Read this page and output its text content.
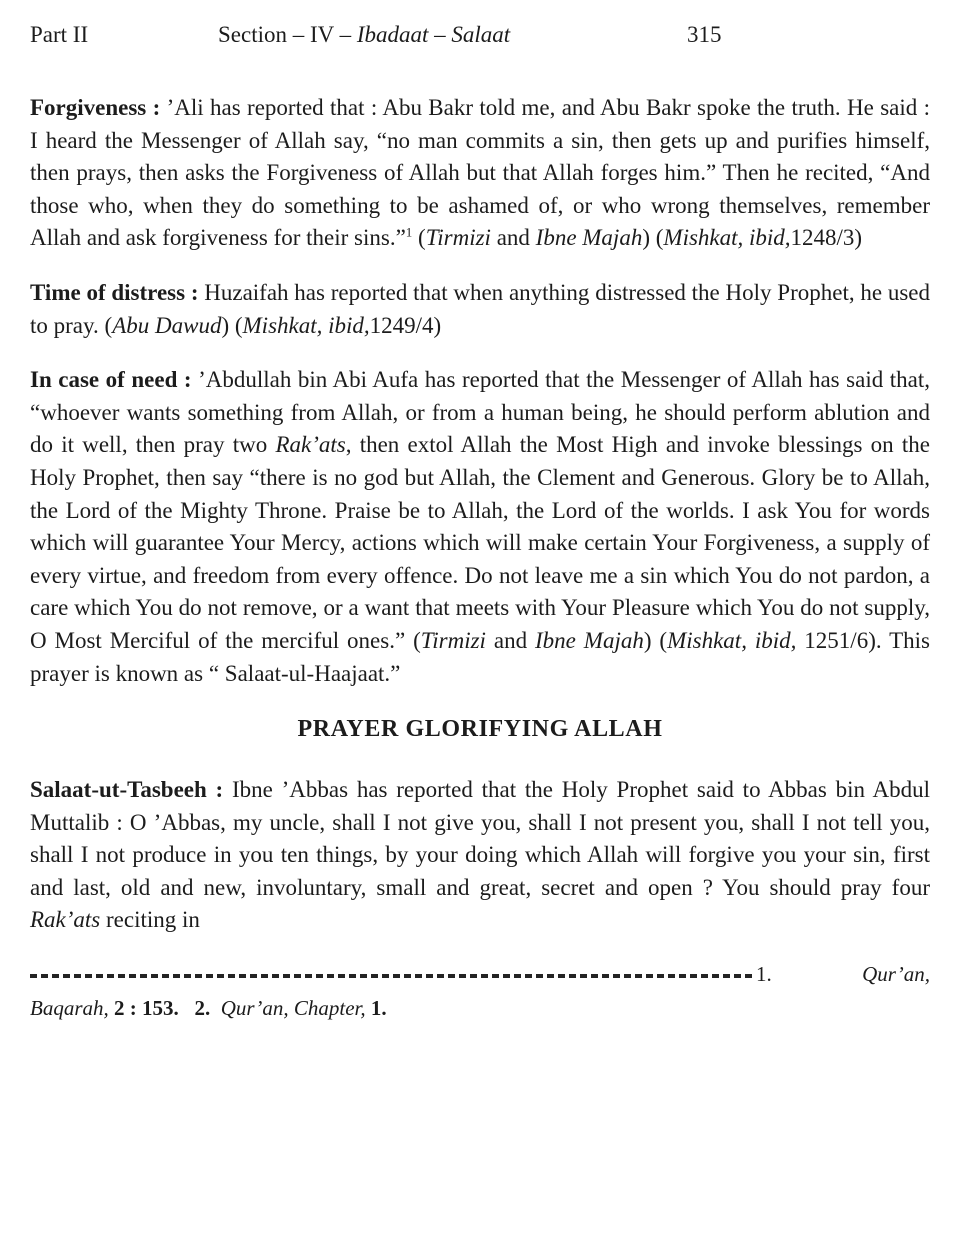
Part II	Section – IV – Ibadaat – Salaat	315

Forgiveness : ’Ali has reported that : Abu Bakr told me, and Abu Bakr spoke the truth. He said : I heard the Messenger of Allah say, “no man commits a sin, then gets up and purifies himself, then prays, then asks the Forgiveness of Allah but that Allah forges him.” Then he recited, “And those who, when they do something to be ashamed of, or who wrong themselves, remember Allah and ask forgiveness for their sins.”$^1$ (Tirmizi and Ibne Majah) (Mishkat, ibid,1248/3)

Time of distress : Huzaifah has reported that when anything distressed the Holy Prophet, he used to pray. (Abu Dawud) (Mishkat, ibid,1249/4)

In case of need : ’Abdullah bin Abi Aufa has reported that the Messenger of Allah has said that, “whoever wants something from Allah, or from a human being, he should perform ablution and do it well, then pray two Rak’ats, then extol Allah the Most High and invoke blessings on the Holy Prophet, then say “there is no god but Allah, the Clement and Generous. Glory be to Allah, the Lord of the Mighty Throne. Praise be to Allah, the Lord of the worlds. I ask You for words which will guarantee Your Mercy, actions which will make certain Your Forgiveness, a supply of every virtue, and freedom from every offence. Do not leave me a sin which You do not pardon, a care which You do not remove, or a want that meets with Your Pleasure which You do not supply, O Most Merciful of the merciful ones.” (Tirmizi and Ibne Majah) (Mishkat, ibid, 1251/6). This prayer is known as “ Salaat-ul-Haajaat.”

PRAYER GLORIFYING ALLAH

Salaat-ut-Tasbeeh : Ibne ’Abbas has reported that the Holy Prophet said to Abbas bin Abdul Muttalib : O ’Abbas, my uncle, shall I not give you, shall I not present you, shall I not tell you, shall I not produce in you ten things, by your doing which Allah will forgive you your sin, first and last, old and new, involuntary, small and great, secret and open ? You should pray four Rak’ats reciting in

1.	Qur’an,
Baqarah, 2 : 153.   2.  Qur’an, Chapter, 1.
